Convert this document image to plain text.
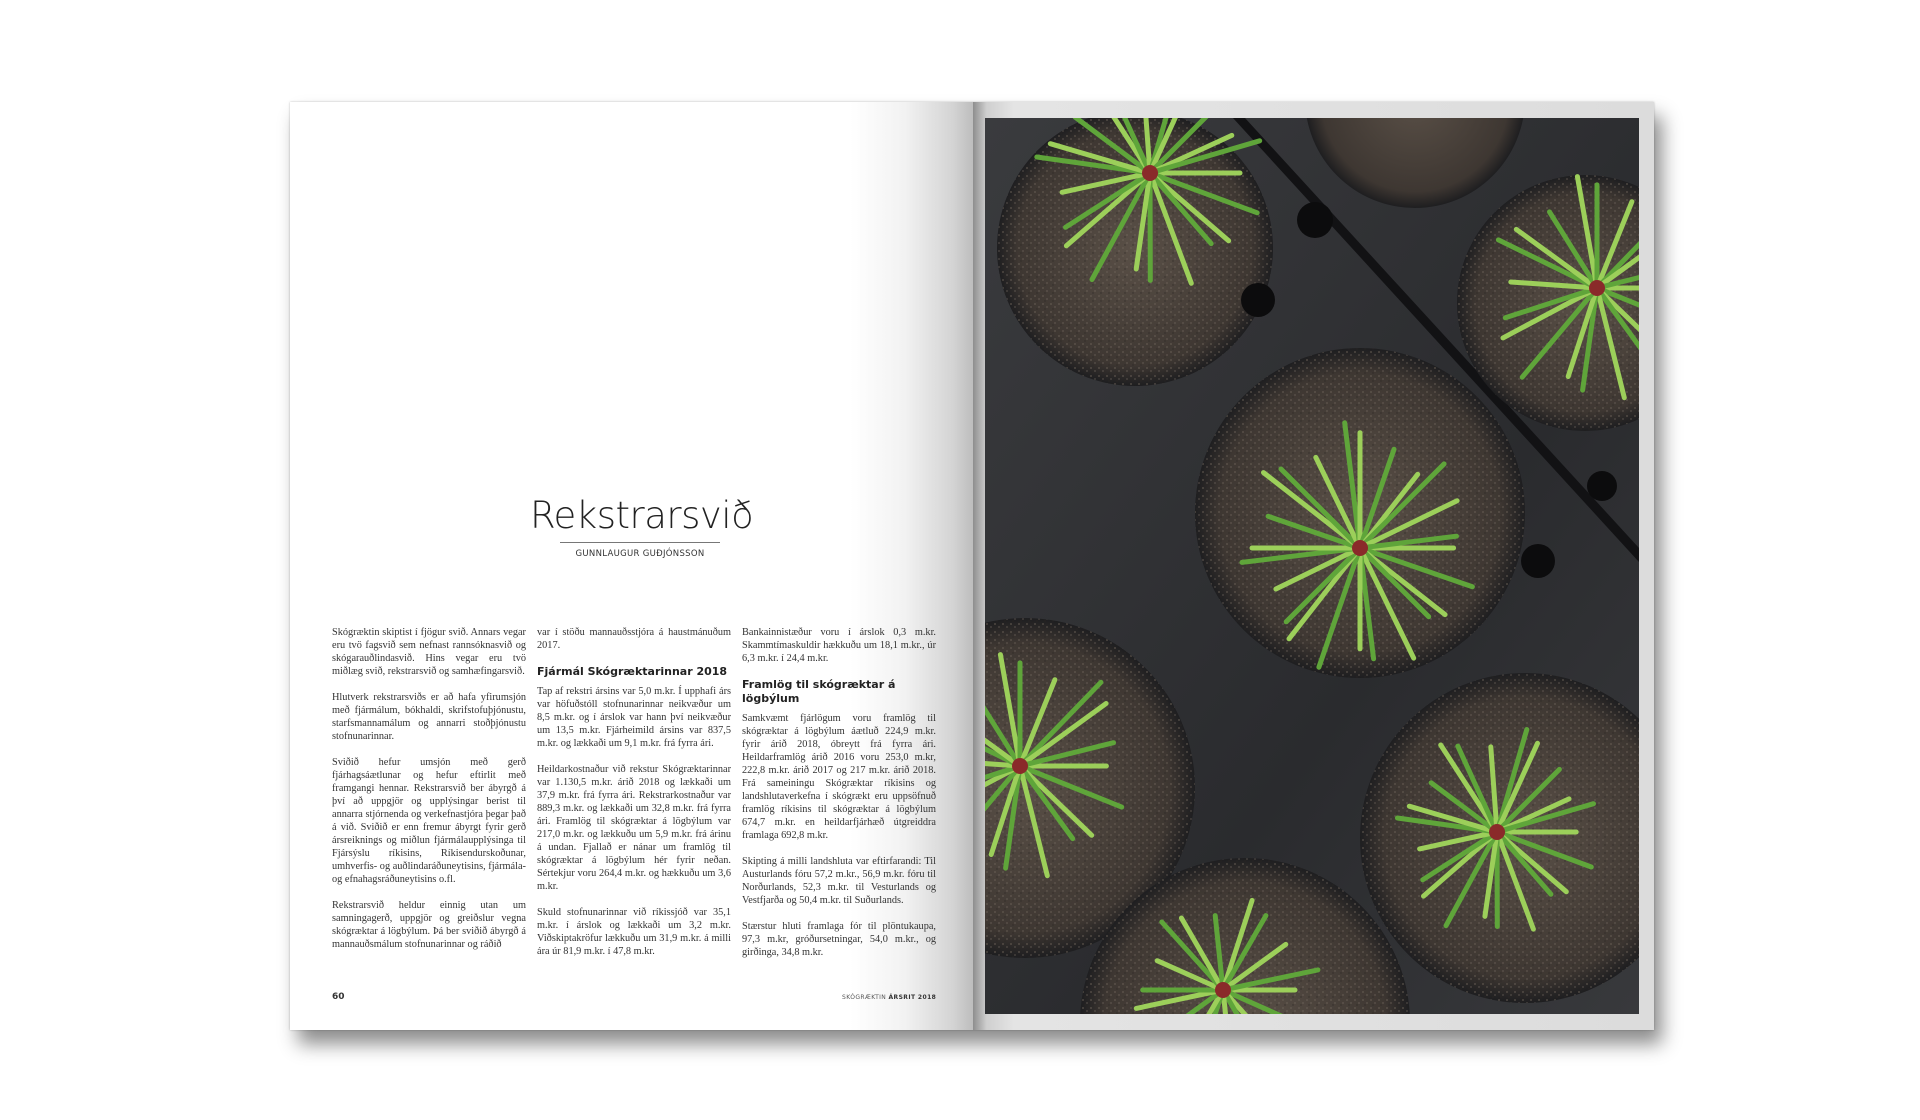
Rekstrarsvið
GUNNLAUGUR GUÐJÓNSSON

Skógræktin skiptist í fjögur svið. Annars vegar eru tvö fagsvið sem nefnast rannsóknasvið og skógarauðlindasvið. Hins vegar eru tvö miðlæg svið, rekstrarsvið og samhæfingarsvið.

Hlutverk rekstrarsviðs er að hafa yfirumsjón með fjármálum, bókhaldi, skrifstofuþjónustu, starfsmannamálum og annarri stoðþjónustu stofnunarinnar.

Sviðið hefur umsjón með gerð fjárhagsáætlunar og hefur eftirlit með framgangi hennar. Rekstrarsvið ber ábyrgð á því að uppgjör og upplýsingar berist til annarra stjórnenda og verkefnastjóra þegar það á við. Sviðið er enn fremur ábyrgt fyrir gerð ársreiknings og miðlun fjármálaupplýsinga til Fjársýslu ríkisins, Ríkisendurskoðunar, umhverfis- og auðlindaráðuneytisins, fjármála- og efnahagsráðuneytisins o.fl.

Rekstrarsvið heldur einnig utan um samningagerð, uppgjör og greiðslur vegna skógræktar á lögbýlum. Þá ber sviðið ábyrgð á mannauðsmálum stofnunarinnar og ráðið

var í stöðu mannauðsstjóra á haustmánuðum 2017.

Fjármál Skógræktarinnar 2018

Tap af rekstri ársins var 5,0 m.kr. Í upphafi árs var höfuðstóll stofnunarinnar neikvæður um 8,5 m.kr. og í árslok var hann því neikvæður um 13,5 m.kr. Fjárheimild ársins var 837,5 m.kr. og lækkaði um 9,1 m.kr. frá fyrra ári.

Heildarkostnaður við rekstur Skógræktarinnar var 1.130,5 m.kr. árið 2018 og lækkaði um 37,9 m.kr. frá fyrra ári. Rekstrarkostnaður var 889,3 m.kr. og lækkaði um 32,8 m.kr. frá fyrra ári. Framlög til skógræktar á lögbýlum var 217,0 m.kr. og lækkuðu um 5,9 m.kr. frá árinu á undan. Fjallað er nánar um framlög til skógræktar á lögbýlum hér fyrir neðan. Sértekjur voru 264,4 m.kr. og hækkuðu um 3,6 m.kr.

Skuld stofnunarinnar við ríkissjóð var 35,1 m.kr. í árslok og lækkaði um 3,2 m.kr. Viðskiptakröfur lækkuðu um 31,9 m.kr. á milli ára úr 81,9 m.kr. í 47,8 m.kr.

Bankainnistæður voru í árslok 0,3 m.kr. Skammtímaskuldir hækkuðu um 18,1 m.kr., úr 6,3 m.kr. í 24,4 m.kr.

Framlög til skógræktar á lögbýlum

Samkvæmt fjárlögum voru framlög til skógræktar á lögbýlum áætluð 224,9 m.kr. fyrir árið 2018, óbreytt frá fyrra ári. Heildarframlög árið 2016 voru 253,0 m.kr, 222,8 m.kr. árið 2017 og 217 m.kr. árið 2018. Frá sameiningu Skógræktar ríkisins og landshlutaverkefna í skógrækt eru uppsöfnuð framlög ríkisins til skógræktar á lögbýlum 674,7 m.kr. en heildarfjárhæð útgreiddra framlaga 692,8 m.kr.

Skipting á milli landshluta var eftirfarandi: Til Austurlands fóru 57,2 m.kr., 56,9 m.kr. fóru til Norðurlands, 52,3 m.kr. til Vesturlands og Vestfjarða og 50,4 m.kr. til Suðurlands.

Stærstur hluti framlaga fór til plöntukaupa, 97,3 m.kr, gróðursetningar, 54,0 m.kr., og girðinga, 34,8 m.kr.

60	SKÓGRÆKTIN ÁRSRIT 2018
